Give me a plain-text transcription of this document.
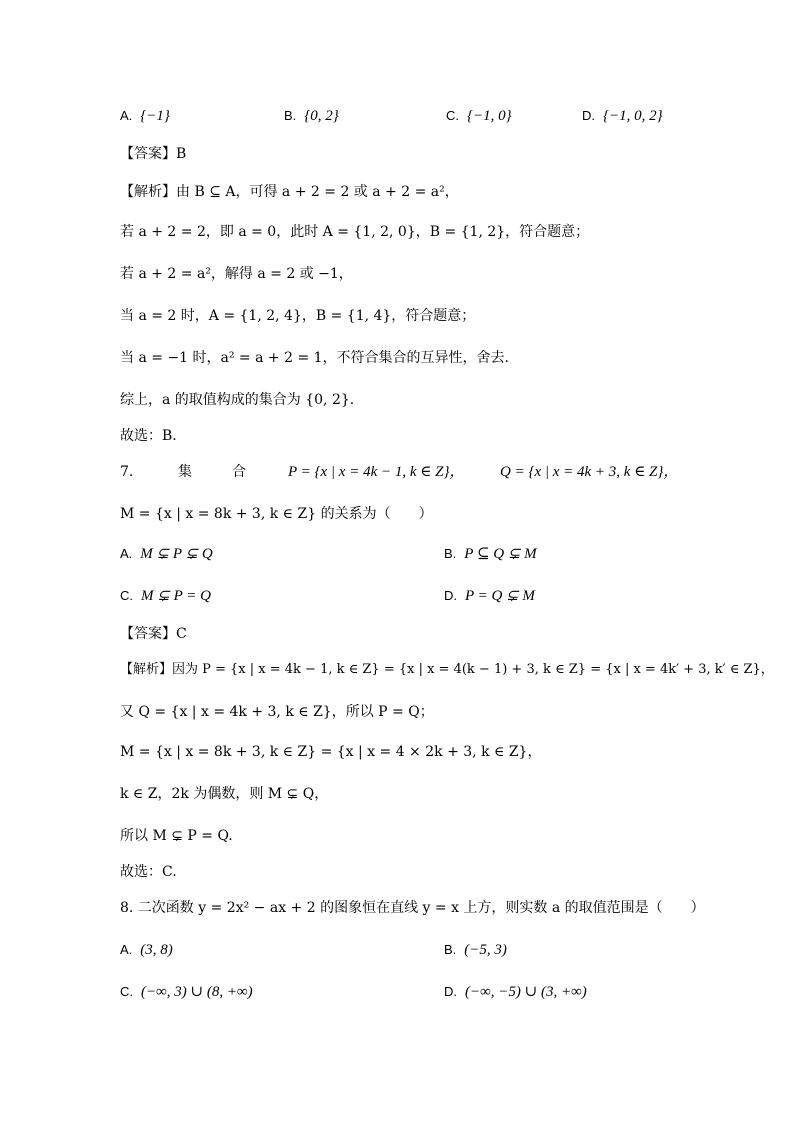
A. {−1}	B. {0, 2}	C. {−1, 0}	D. {−1, 0, 2}
【答案】B
【解析】由 B ⊆ A，可得 a + 2 = 2 或 a + 2 = a²，
若 a + 2 = 2，即 a = 0，此时 A = {1, 2, 0}，B = {1, 2}，符合题意；
若 a + 2 = a²，解得 a = 2 或 −1，
当 a = 2 时，A = {1, 2, 4}，B = {1, 4}，符合题意；
当 a = −1 时，a² = a + 2 = 1，不符合集合的互异性，舍去.
综上，a 的取值构成的集合为 {0, 2}.
故选：B.
7.	集	合	P = {x | x = 4k − 1, k ∈ Z}， Q = {x | x = 4k + 3, k ∈ Z}，
M = {x | x = 8k + 3, k ∈ Z} 的关系为（　　）
A. M ⊊ P ⊊ Q	B. P ⊆ Q ⊊ M
C. M ⊊ P = Q	D. P = Q ⊊ M
【答案】C
【解析】因为 P = {x | x = 4k − 1, k ∈ Z} = {x | x = 4(k − 1) + 3, k ∈ Z} = {x | x = 4k′ + 3, k′ ∈ Z}，
又 Q = {x | x = 4k + 3, k ∈ Z}，所以 P = Q；
M = {x | x = 8k + 3, k ∈ Z} = {x | x = 4 × 2k + 3, k ∈ Z}，
k ∈ Z，2k 为偶数，则 M ⊊ Q，
所以 M ⊊ P = Q.
故选：C.
8. 二次函数 y = 2x² − ax + 2 的图象恒在直线 y = x 上方，则实数 a 的取值范围是（　　）
A. (3, 8)	B. (−5, 3)
C. (−∞, 3) ∪ (8, +∞)	D. (−∞, −5) ∪ (3, +∞)
